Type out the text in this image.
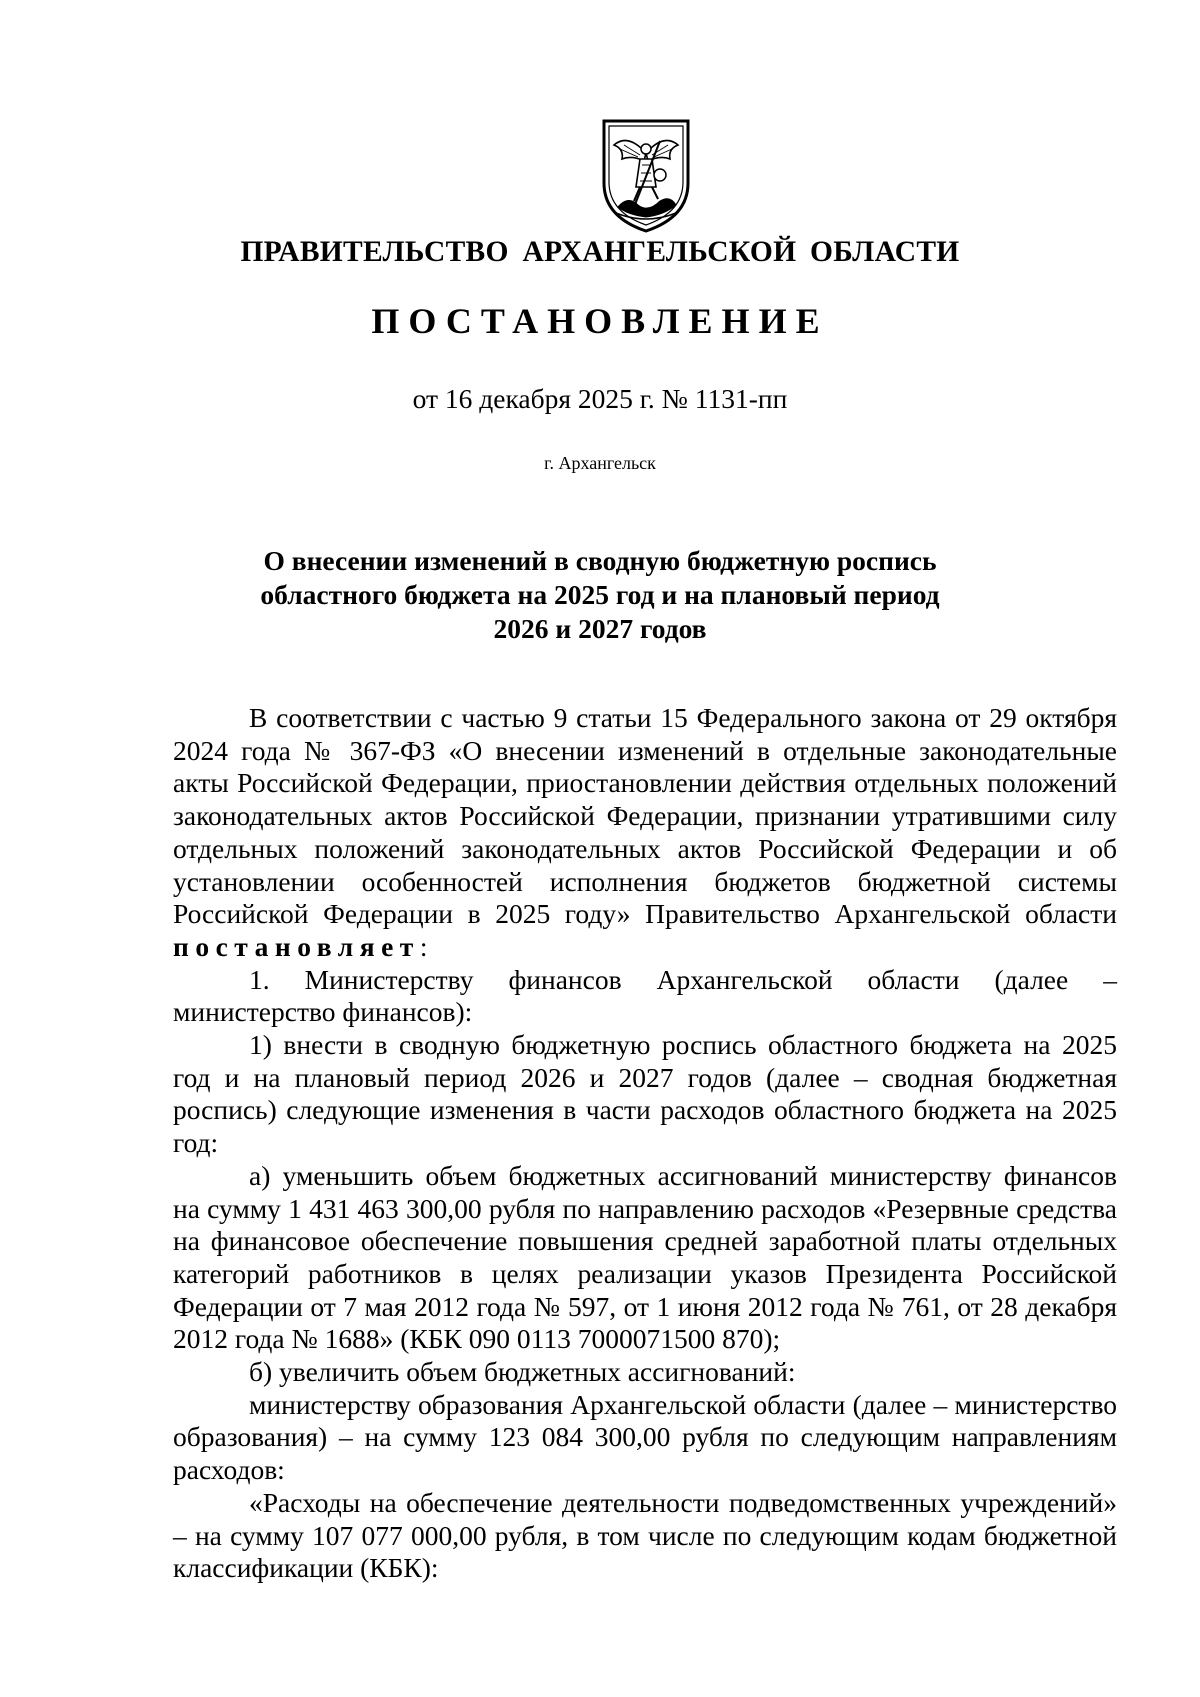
ПРАВИТЕЛЬСТВО АРХАНГЕЛЬСКОЙ ОБЛАСТИ
ПОСТАНОВЛЕНИЕ
от 16 декабря 2025 г. № 1131-пп
г. Архангельск
О внесении изменений в сводную бюджетную роспись
областного бюджета на 2025 год и на плановый период
2026 и 2027 годов

В соответствии с частью 9 статьи 15 Федерального закона от 29 октября 2024 года № 367-ФЗ «О внесении изменений в отдельные законодательные акты Российской Федерации, приостановлении действия отдельных положений законодательных актов Российской Федерации, признании утратившими силу отдельных положений законодательных актов Российской Федерации и об установлении особенностей исполнения бюджетов бюджетной системы Российской Федерации в 2025 году» Правительство Архангельской области постановляет:

1. Министерству финансов Архангельской области (далее – министерство финансов):

1) внести в сводную бюджетную роспись областного бюджета на 2025 год и на плановый период 2026 и 2027 годов (далее – сводная бюджетная роспись) следующие изменения в части расходов областного бюджета на 2025 год:

а) уменьшить объем бюджетных ассигнований министерству финансов на сумму 1 431 463 300,00 рубля по направлению расходов «Резервные средства на финансовое обеспечение повышения средней заработной платы отдельных категорий работников в целях реализации указов Президента Российской Федерации от 7 мая 2012 года № 597, от 1 июня 2012 года № 761, от 28 декабря 2012 года № 1688» (КБК 090 0113 7000071500 870);

б) увеличить объем бюджетных ассигнований:

министерству образования Архангельской области (далее – министерство образования) – на сумму 123 084 300,00 рубля по следующим направлениям расходов:

«Расходы на обеспечение деятельности подведомственных учреждений» – на сумму 107 077 000,00 рубля, в том числе по следующим кодам бюджетной классификации (КБК):
